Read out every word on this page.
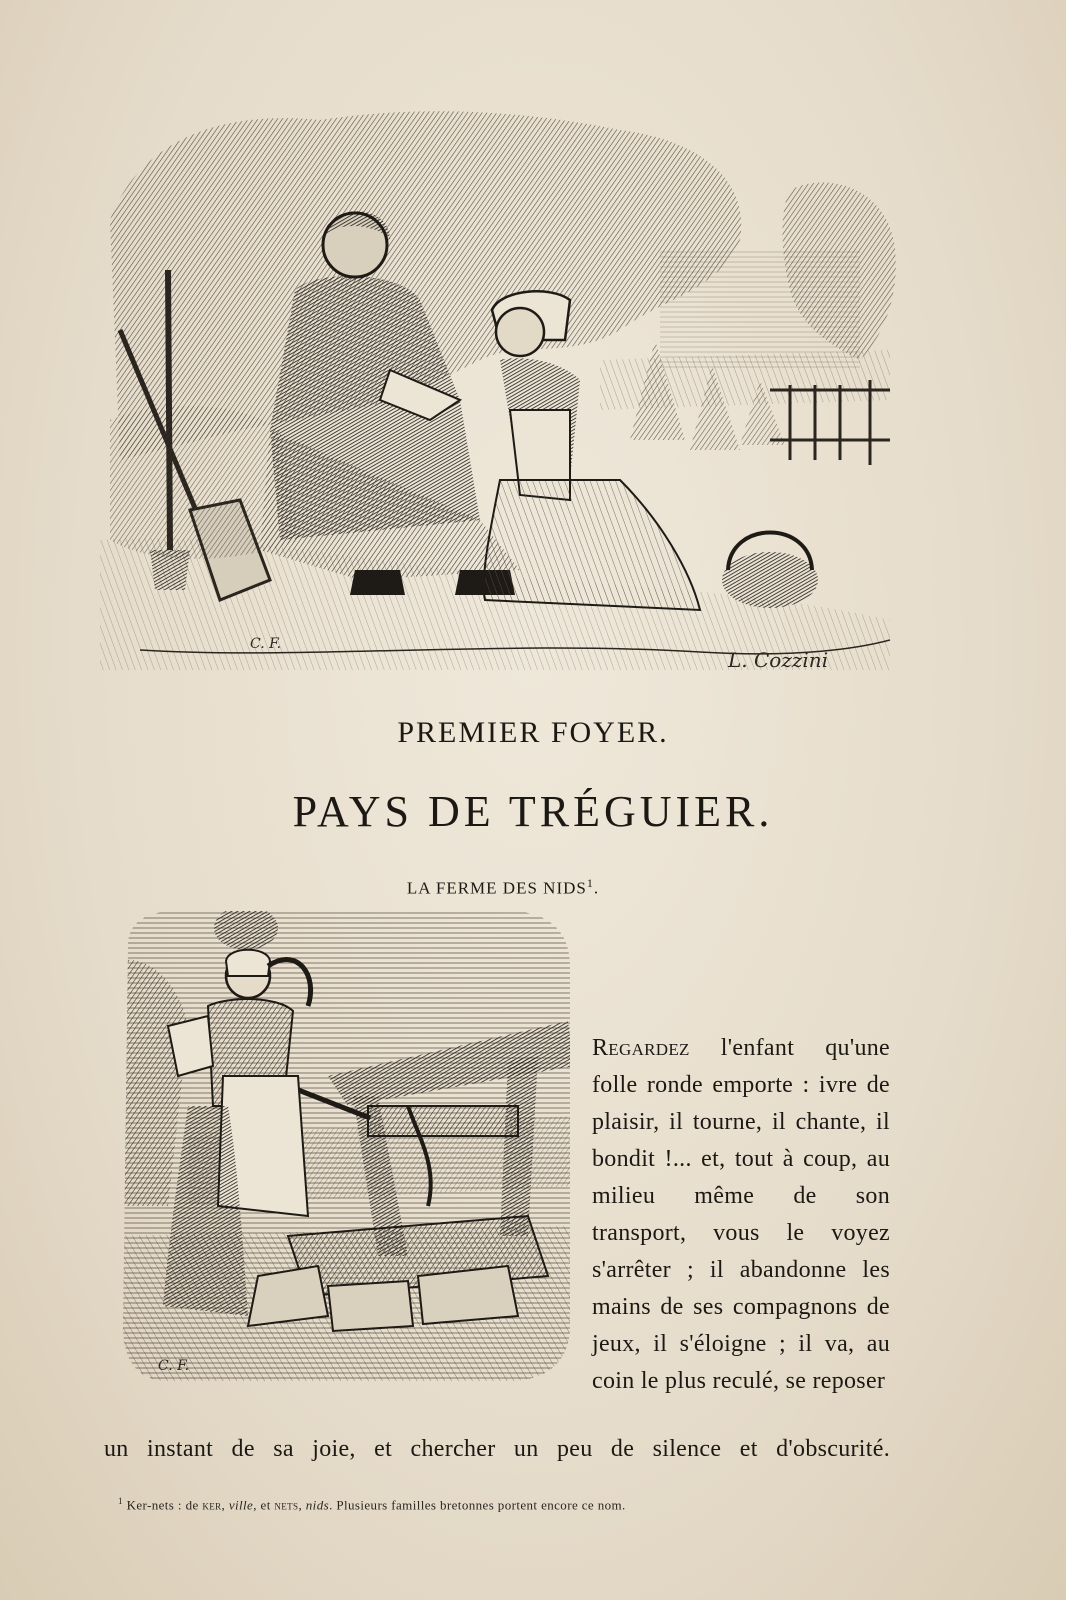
C. F.
L. Cozzini
PREMIER FOYER.
PAYS DE TRÉGUIER.
LA FERME DES NIDS$^1$.
C. F.
Regardez l'enfant qu'une folle ronde emporte : ivre de plaisir, il tourne, il chante, il bondit !... et, tout à coup, au milieu même de son transport, vous le voyez s'arrêter ; il abandonne les mains de ses compagnons de jeux, il s'éloigne ; il va, au coin le plus reculé, se reposer
un instant de sa joie, et chercher un peu de silence et d'obscurité.
$^1$ Ker-nets : de ker, ville, et nets, nids. Plusieurs familles bretonnes portent encore ce nom.
